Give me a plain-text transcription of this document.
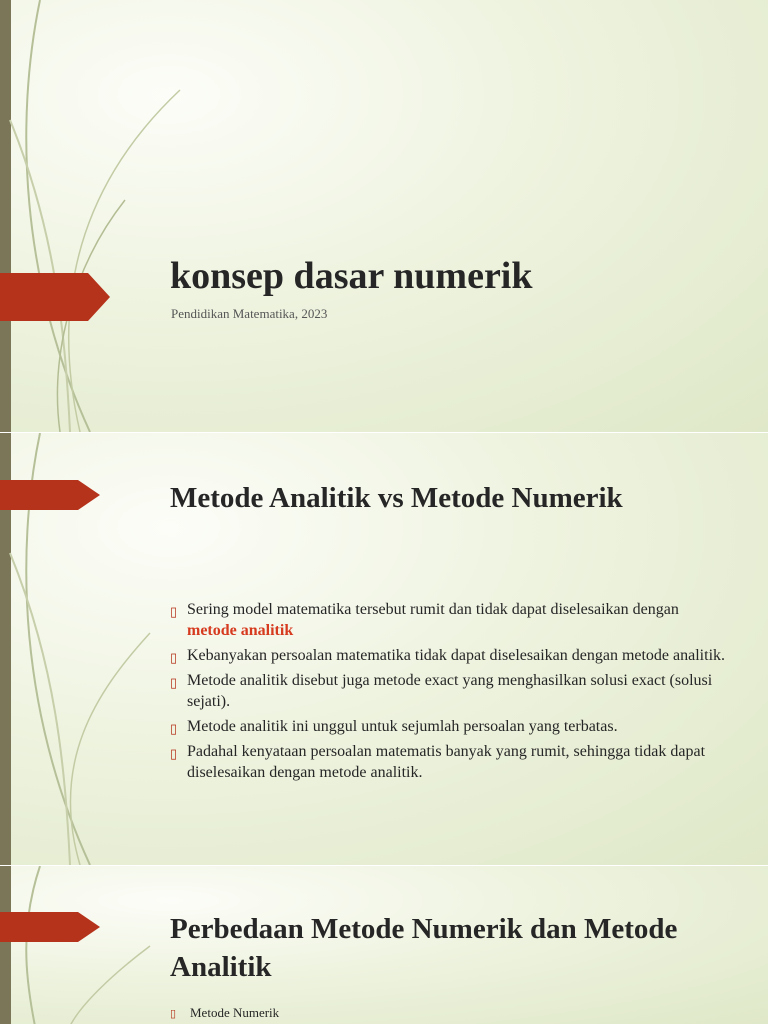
konsep dasar numerik
Pendidikan Matematika, 2023
Metode Analitik vs Metode Numerik
▯ Sering model matematika tersebut rumit dan tidak dapat diselesaikan dengan metode analitik
▯ Kebanyakan persoalan matematika tidak dapat diselesaikan dengan metode analitik.
▯ Metode analitik disebut juga metode exact yang menghasilkan solusi exact (solusi sejati).
▯ Metode analitik ini unggul untuk sejumlah persoalan yang terbatas.
▯ Padahal kenyataan persoalan matematis banyak yang rumit, sehingga tidak dapat diselesaikan dengan metode analitik.
Perbedaan Metode Numerik dan Metode Analitik
▯ Metode Numerik
